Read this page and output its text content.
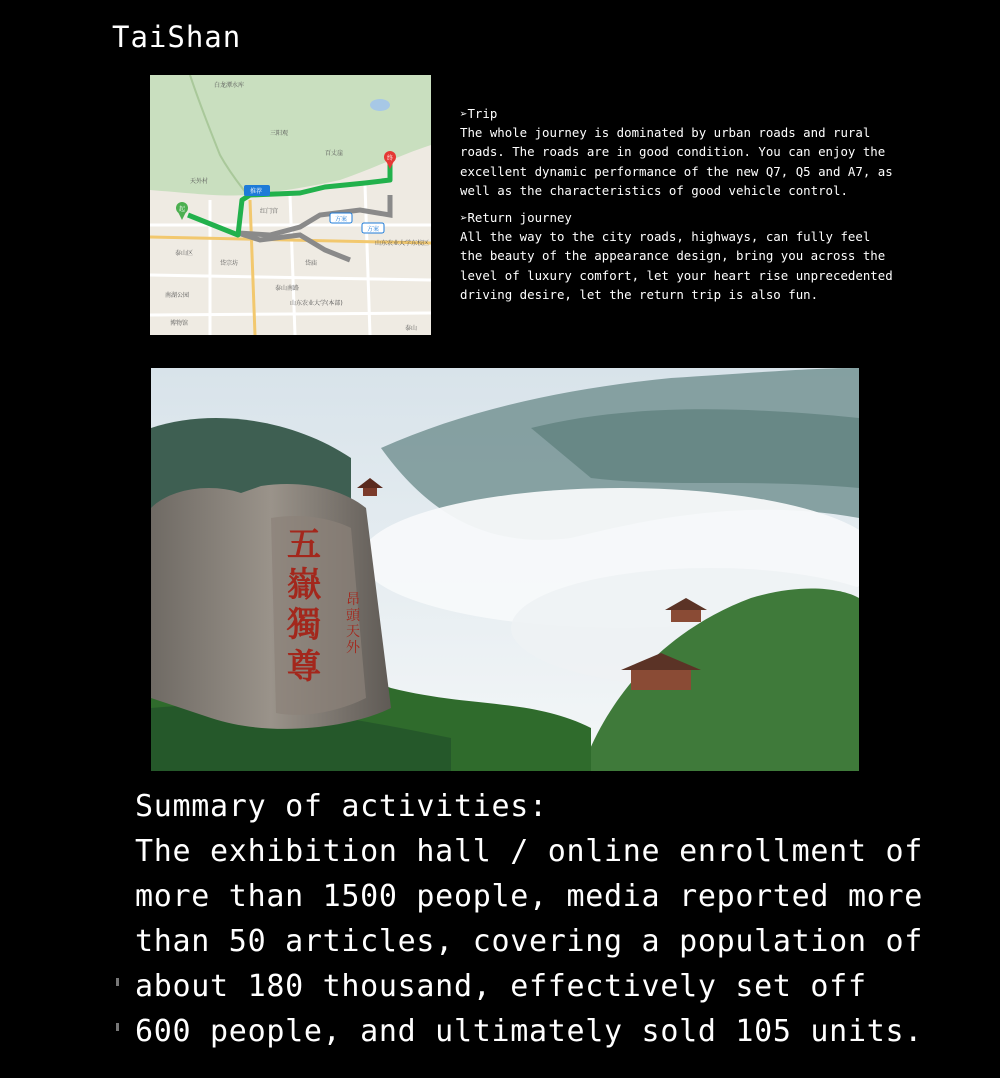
TaiShan
白龙潭水库
三阳观
天外村
百丈崖
泰山区
红门宫
岱庙
岱宗坊
南湖公园
泰山南路
山东农业大学东校区
山东农业大学(本部)
博物馆
泰山
起
终
推荐
方案
方案
➢Trip
The whole journey is dominated by urban roads and rural roads. The roads are in good condition. You can enjoy the excellent dynamic performance of the new Q7, Q5 and A7, as well as the characteristics of good vehicle control.
➢Return journey
All the way to the city roads, highways, can fully feel the beauty of the appearance design, bring you across the level of luxury comfort, let your heart rise unprecedented driving desire, let the return trip is also fun.
五 嶽 獨 尊
昂 頭 天 外
Summary of activities:
The exhibition hall / online enrollment of
more than 1500 people, media reported more
than 50 articles, covering a population of
about 180 thousand, effectively set off
600 people, and ultimately sold 105 units.
